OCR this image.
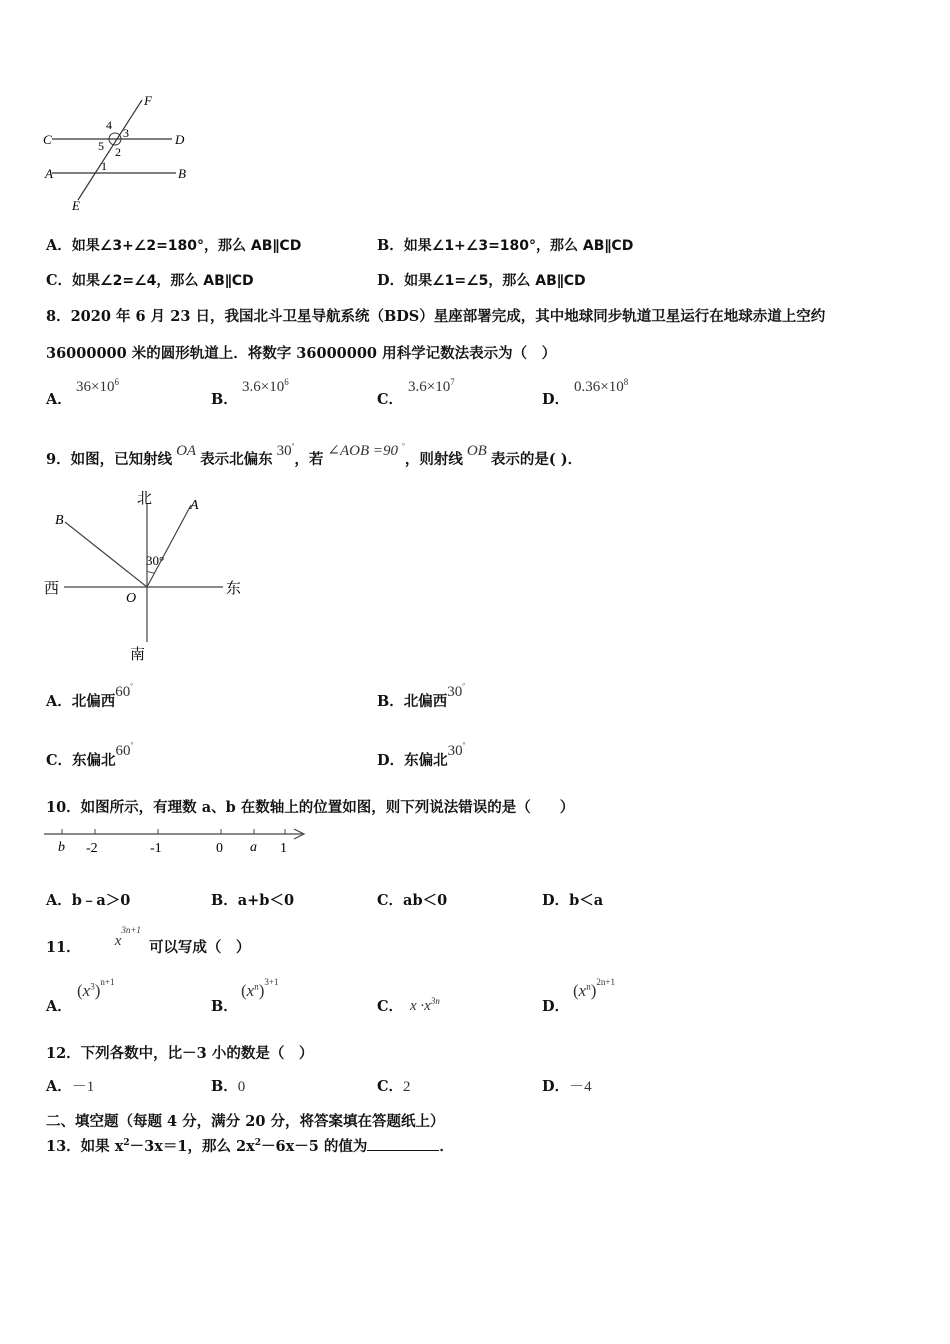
F
C	D
A	B
E
4
3
5 2
1
A．如果∠3+∠2=180°，那么 AB∥CD	B．如果∠1+∠3=180°，那么 AB∥CD
C．如果∠2=∠4，那么 AB∥CD	D．如果∠1=∠5，那么 AB∥CD
8．2020 年 6 月 23 日，我国北斗卫星导航系统（BDS）星座部署完成，其中地球同步轨道卫星运行在地球赤道上空约
36000000 米的圆形轨道上．将数字 36000000 用科学记数法表示为（　）
A．
$36\times 10^6$
B．
$3.6\times 10^6$
C．
$3.6\times 10^7$
D．
$0.36\times 10^8$
9．如图，已知射线 OA 表示北偏东 30°，若 ∠AOB =90 °，则射线 OB 表示的是( )．
北
南
东
西
A
B
O
30°
A．北偏西60°
B．北偏西30°
C．东偏北60°
D．东偏北30°
10．如图所示，有理数 a、b 在数轴上的位置如图，则下列说法错误的是（　　）
b -2	-1	0 a 1
A．b﹣a＞0	B．a+b＜0	C．ab＜0	D．b＜a
11． $x^{3n+1}$可以写成（　）
A．
$(x^3)^{n+1}$
B．
$(x^n)^{3+1}$
C． $x \cdot x^{3n}$	D．
$(x^n)^{2n+1}$
12．下列各数中，比－3 小的数是（　）
A．－1	B．0	C．2	D．－4
二、填空题（每题 4 分，满分 20 分，将答案填在答题纸上）
13．如果 $x^2-3x=1$，那么 $2x^2-6x-5$ 的值为	．
